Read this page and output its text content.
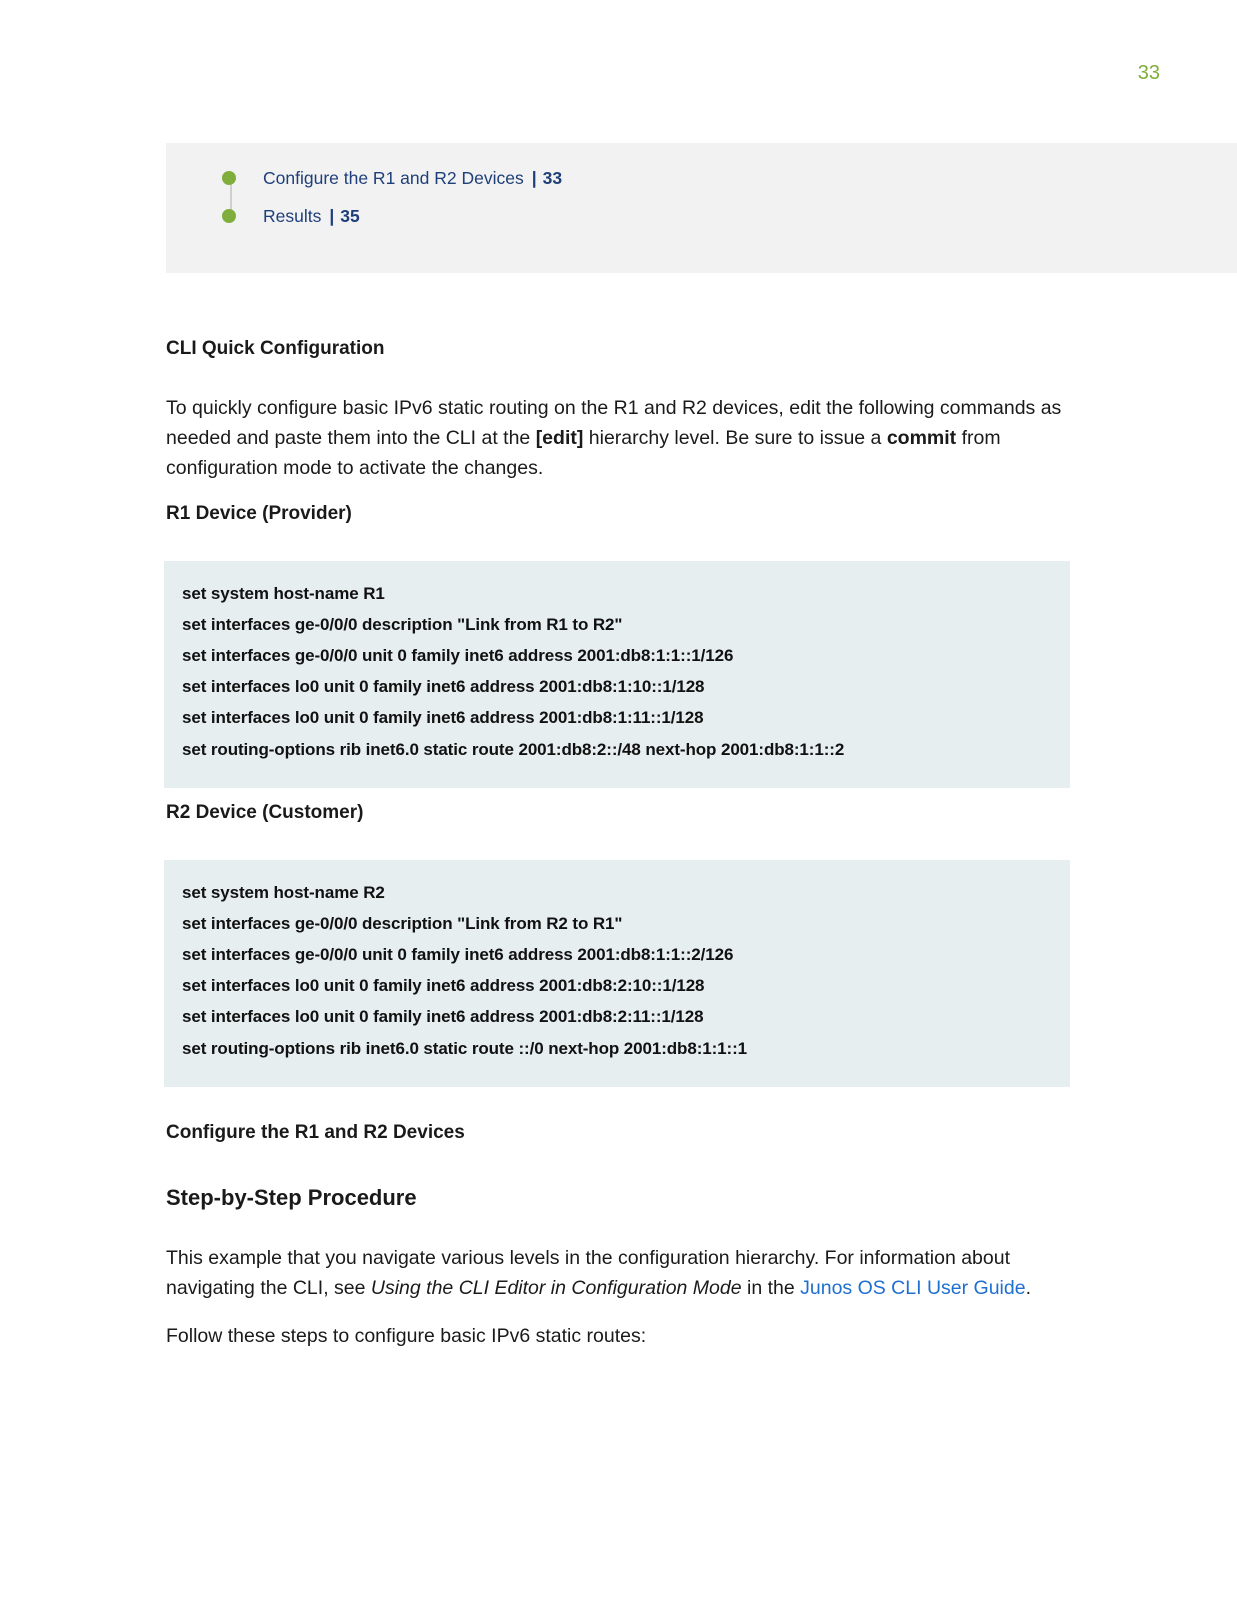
33
Configure the R1 and R2 Devices | 33
Results | 35
CLI Quick Configuration

To quickly configure basic IPv6 static routing on the R1 and R2 devices, edit the following commands as needed and paste them into the CLI at the [edit] hierarchy level. Be sure to issue a commit from configuration mode to activate the changes.

R1 Device (Provider)
set system host-name R1
set interfaces ge-0/0/0 description "Link from R1 to R2"
set interfaces ge-0/0/0 unit 0 family inet6 address 2001:db8:1:1::1/126
set interfaces lo0 unit 0 family inet6 address 2001:db8:1:10::1/128
set interfaces lo0 unit 0 family inet6 address 2001:db8:1:11::1/128
set routing-options rib inet6.0 static route 2001:db8:2::/48 next-hop 2001:db8:1:1::2
R2 Device (Customer)
set system host-name R2
set interfaces ge-0/0/0 description "Link from R2 to R1"
set interfaces ge-0/0/0 unit 0 family inet6 address 2001:db8:1:1::2/126
set interfaces lo0 unit 0 family inet6 address 2001:db8:2:10::1/128
set interfaces lo0 unit 0 family inet6 address 2001:db8:2:11::1/128
set routing-options rib inet6.0 static route ::/0 next-hop 2001:db8:1:1::1
Configure the R1 and R2 Devices
Step-by-Step Procedure

This example that you navigate various levels in the configuration hierarchy. For information about navigating the CLI, see Using the CLI Editor in Configuration Mode in the Junos OS CLI User Guide.

Follow these steps to configure basic IPv6 static routes:
